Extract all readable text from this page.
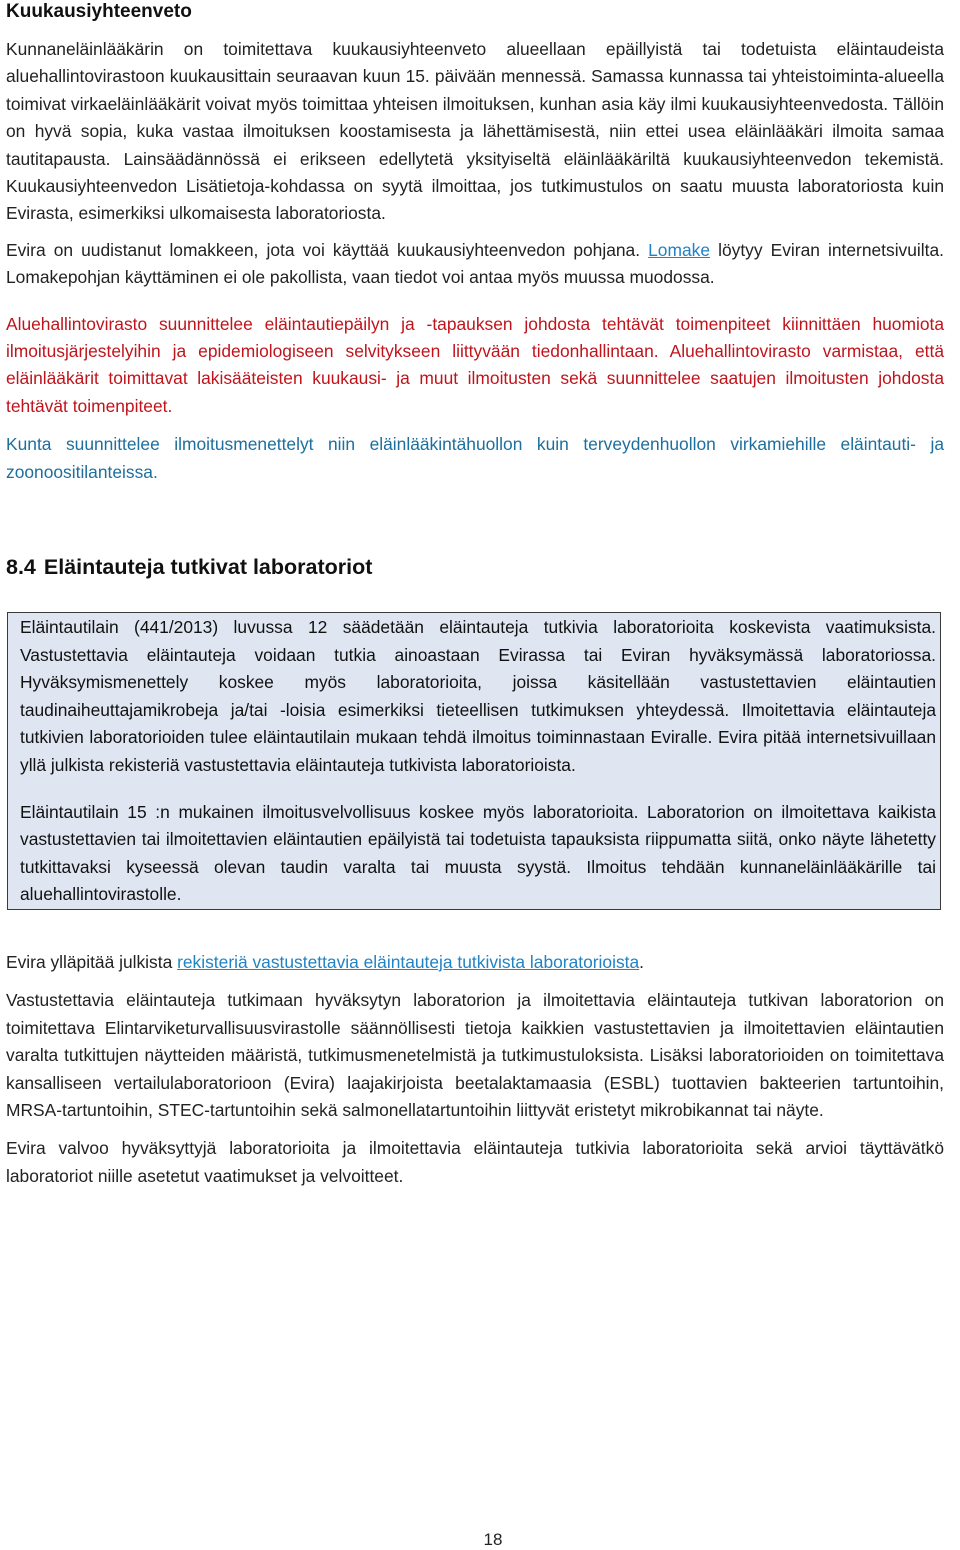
Kuukausiyhteenveto

Kunnaneläinlääkärin on toimitettava kuukausiyhteenveto alueellaan epäillyistä tai todetuista eläintaudeista aluehallintovirastoon kuukausittain seuraavan kuun 15. päivään mennessä. Samassa kunnassa tai yhteistoiminta-alueella toimivat virkaeläinlääkärit voivat myös toimittaa yhteisen ilmoituksen, kunhan asia käy ilmi kuukausiyhteenvedosta. Tällöin on hyvä sopia, kuka vastaa ilmoituksen koostamisesta ja lähettämisestä, niin ettei usea eläinlääkäri ilmoita samaa tautitapausta. Lainsäädännössä ei erikseen edellytetä yksityiseltä eläinlääkäriltä kuukausiyhteenvedon tekemistä. Kuukausiyhteenvedon Lisätietoja-kohdassa on syytä ilmoittaa, jos tutkimustulos on saatu muusta laboratoriosta kuin Evirasta, esimerkiksi ulkomaisesta laboratoriosta.

Evira on uudistanut lomakkeen, jota voi käyttää kuukausiyhteenvedon pohjana. Lomake löytyy Eviran internetsivuilta. Lomakepohjan käyttäminen ei ole pakollista, vaan tiedot voi antaa myös muussa muodossa.

Aluehallintovirasto suunnittelee eläintautiepäilyn ja -tapauksen johdosta tehtävät toimenpiteet kiinnittäen huomiota ilmoitusjärjestelyihin ja epidemiologiseen selvitykseen liittyvään tiedonhallintaan. Aluehallintovirasto varmistaa, että eläinlääkärit toimittavat lakisääteisten kuukausi- ja muut ilmoitusten sekä suunnittelee saatujen ilmoitusten johdosta tehtävät toimenpiteet.

Kunta suunnittelee ilmoitusmenettelyt niin eläinlääkintähuollon kuin terveydenhuollon virkamiehille eläintauti- ja zoonoositilanteissa.

8.4 Eläintauteja tutkivat laboratoriot

Eläintautilain (441/2013) luvussa 12 säädetään eläintauteja tutkivia laboratorioita koskevista vaatimuksista. Vastustettavia eläintauteja voidaan tutkia ainoastaan Evirassa tai Eviran hyväksymässä laboratoriossa. Hyväksymismenettely koskee myös laboratorioita, joissa käsitellään vastustettavien eläintautien taudinaiheuttajamikrobeja ja/tai -loisia esimerkiksi tieteellisen tutkimuksen yhteydessä. Ilmoitettavia eläintauteja tutkivien laboratorioiden tulee eläintautilain mukaan tehdä ilmoitus toiminnastaan Eviralle. Evira pitää internetsivuillaan yllä julkista rekisteriä vastustettavia eläintauteja tutkivista laboratorioista.

Eläintautilain 15 :n mukainen ilmoitusvelvollisuus koskee myös laboratorioita. Laboratorion on ilmoitettava kaikista vastustettavien tai ilmoitettavien eläintautien epäilyistä tai todetuista tapauksista riippumatta siitä, onko näyte lähetetty tutkittavaksi kyseessä olevan taudin varalta tai muusta syystä. Ilmoitus tehdään kunnaneläinlääkärille tai aluehallintovirastolle.

Evira ylläpitää julkista rekisteriä vastustettavia eläintauteja tutkivista laboratorioista.

Vastustettavia eläintauteja tutkimaan hyväksytyn laboratorion ja ilmoitettavia eläintauteja tutkivan laboratorion on toimitettava Elintarviketurvallisuusvirastolle säännöllisesti tietoja kaikkien vastustettavien ja ilmoitettavien eläintautien varalta tutkittujen näytteiden määristä, tutkimusmenetelmistä ja tutkimustuloksista. Lisäksi laboratorioiden on toimitettava kansalliseen vertailulaboratorioon (Evira) laajakirjoista beetalaktamaasia (ESBL) tuottavien bakteerien tartuntoihin, MRSA-tartuntoihin, STEC-tartuntoihin sekä salmonellatartuntoihin liittyvät eristetyt mikrobikannat tai näyte.

Evira valvoo hyväksyttyjä laboratorioita ja ilmoitettavia eläintauteja tutkivia laboratorioita sekä arvioi täyttävätkö laboratoriot niille asetetut vaatimukset ja velvoitteet.

18
